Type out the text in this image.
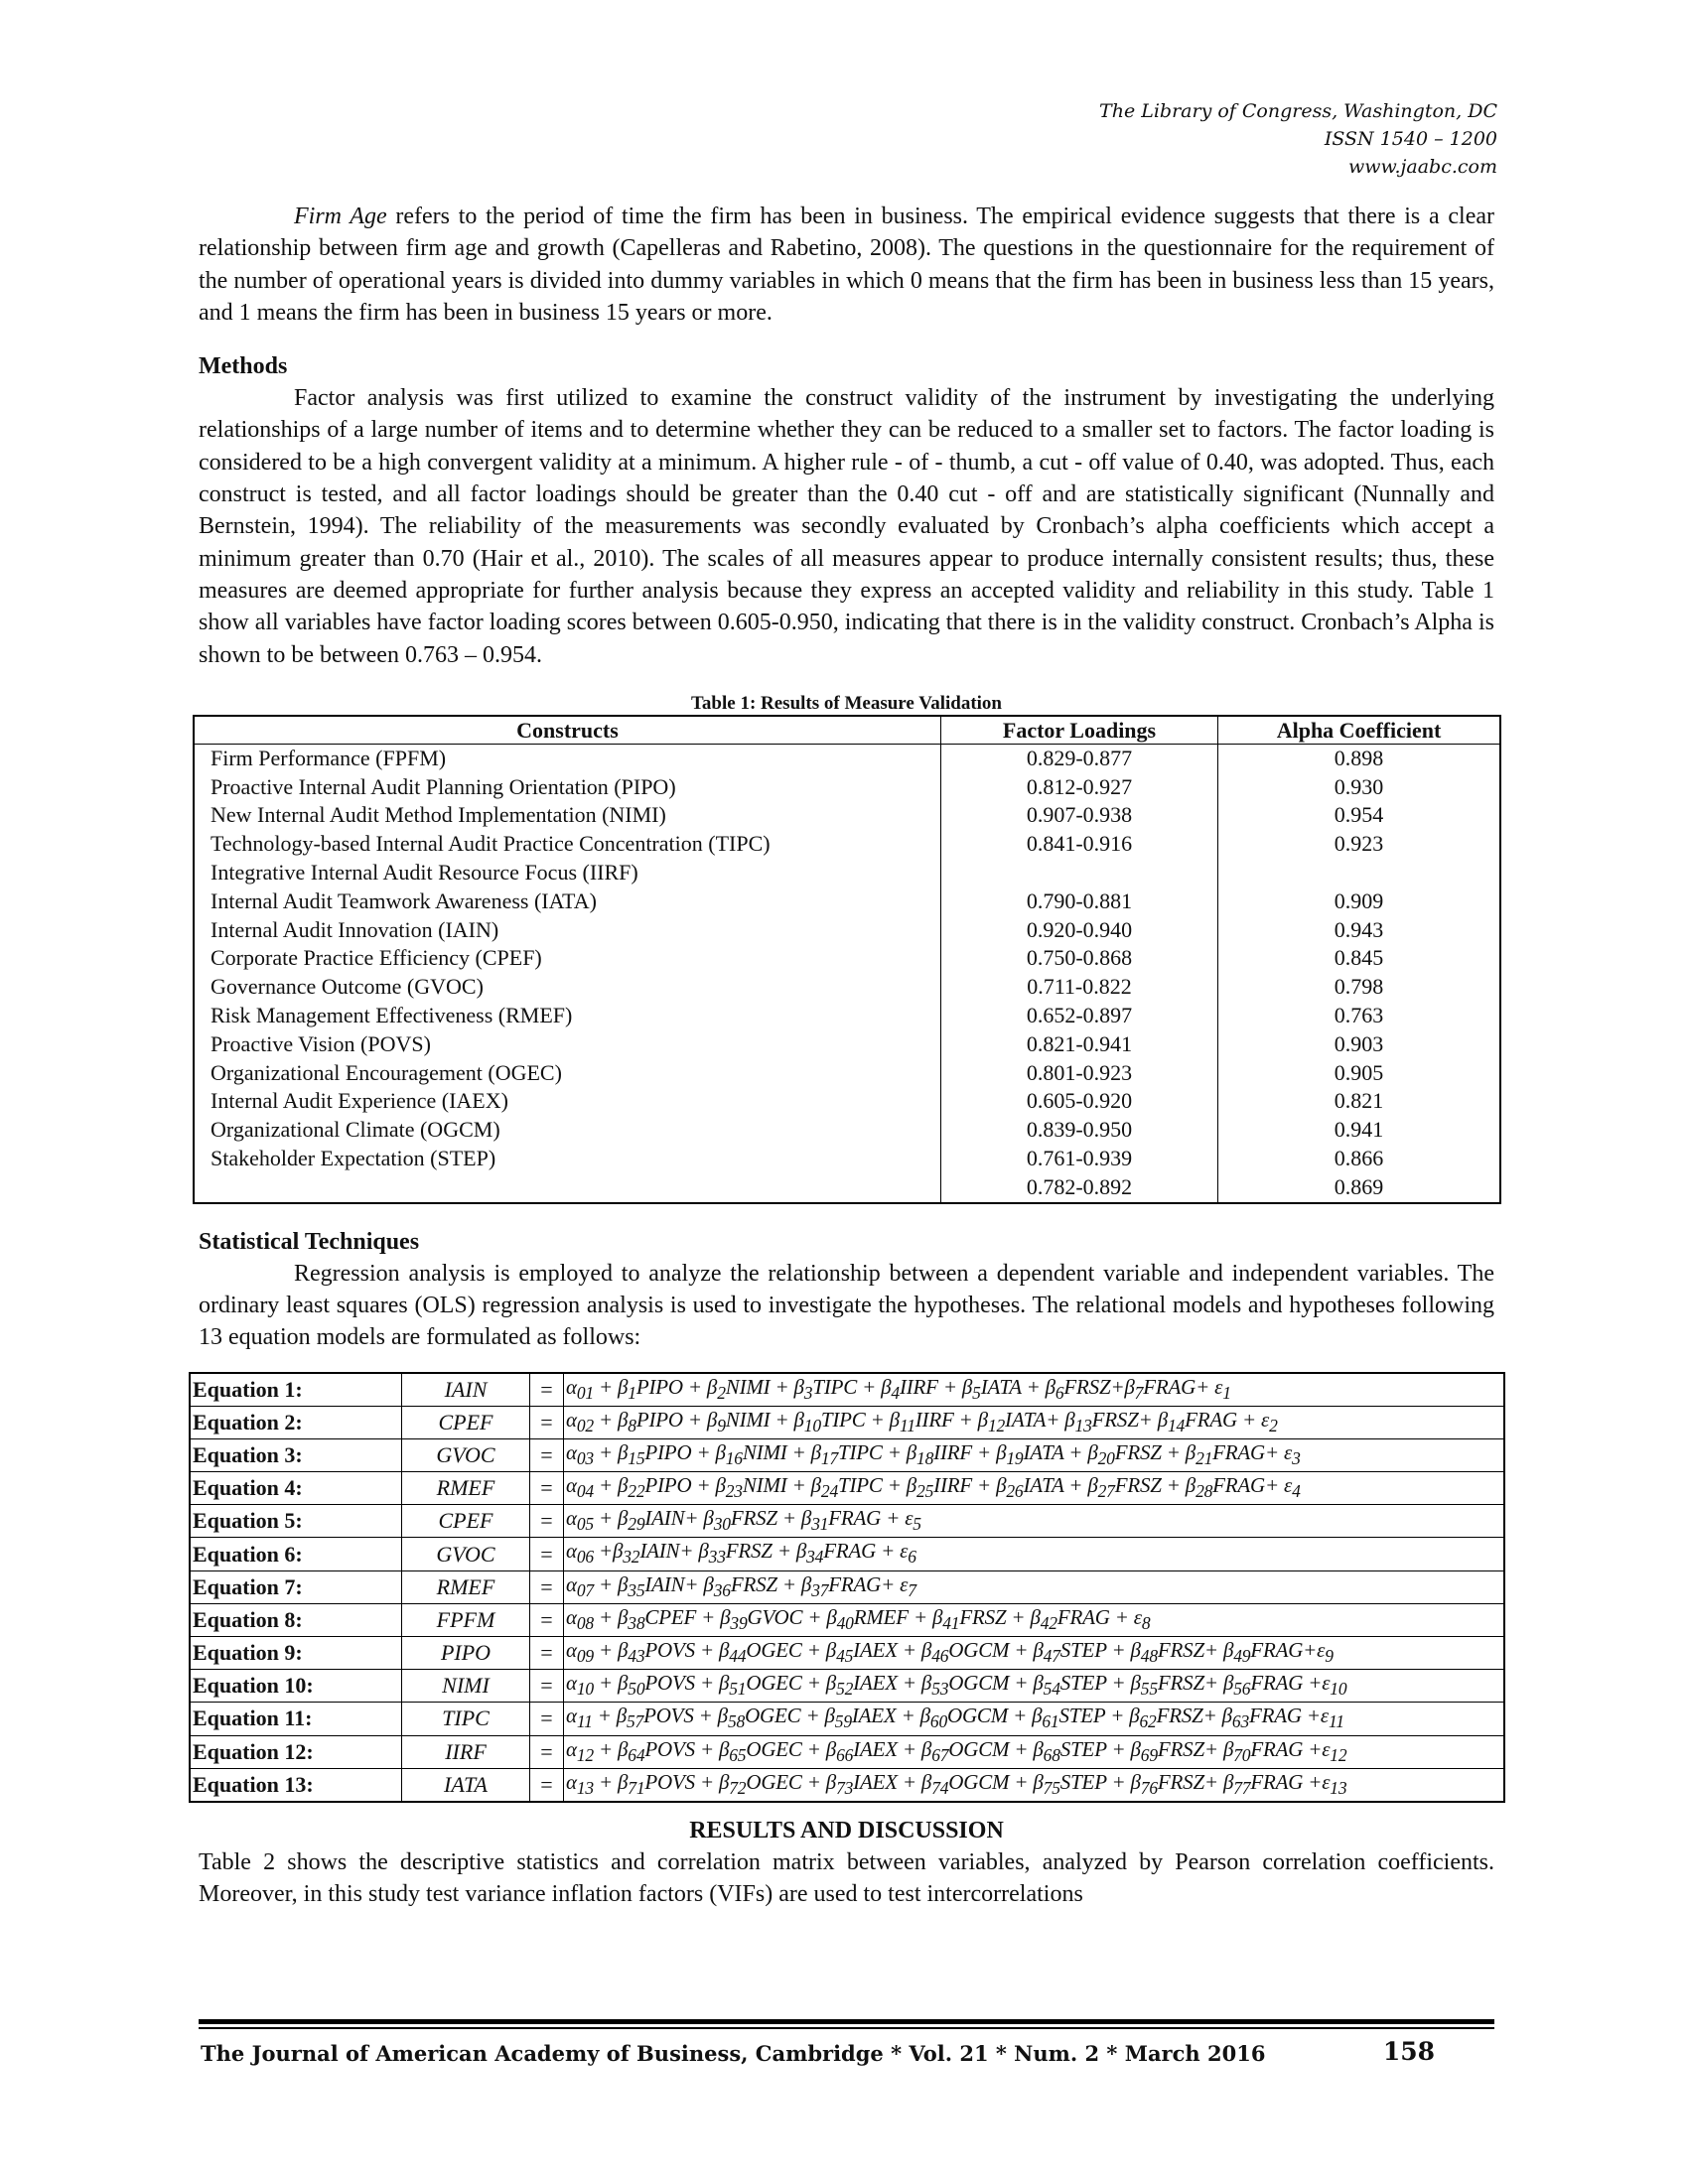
The Library of Congress, Washington, DC
ISSN 1540 – 1200
www.jaabc.com

Firm Age refers to the period of time the firm has been in business. The empirical evidence suggests that there is a clear relationship between firm age and growth (Capelleras and Rabetino, 2008). The questions in the questionnaire for the requirement of the number of operational years is divided into dummy variables in which 0 means that the firm has been in business less than 15 years, and 1 means the firm has been in business 15 years or more.

Methods

Factor analysis was first utilized to examine the construct validity of the instrument by investigating the underlying relationships of a large number of items and to determine whether they can be reduced to a smaller set to factors. The factor loading is considered to be a high convergent validity at a minimum. A higher rule - of - thumb, a cut - off value of 0.40, was adopted. Thus, each construct is tested, and all factor loadings should be greater than the 0.40 cut - off and are statistically significant (Nunnally and Bernstein, 1994). The reliability of the measurements was secondly evaluated by Cronbach’s alpha coefficients which accept a minimum greater than 0.70 (Hair et al., 2010). The scales of all measures appear to produce internally consistent results; thus, these measures are deemed appropriate for further analysis because they express an accepted validity and reliability in this study. Table 1 show all variables have factor loading scores between 0.605-0.950, indicating that there is in the validity construct. Cronbach’s Alpha is shown to be between 0.763 – 0.954.

Table 1: Results of Measure Validation
Constructs	Factor Loadings	Alpha Coefficient
Firm Performance (FPFM)	0.829-0.877	0.898
Proactive Internal Audit Planning Orientation (PIPO)	0.812-0.927	0.930
New Internal Audit Method Implementation (NIMI)	0.907-0.938	0.954
Technology-based Internal Audit Practice Concentration (TIPC)	0.841-0.916	0.923
Integrative Internal Audit Resource Focus (IIRF)		
Internal Audit Teamwork Awareness (IATA)	0.790-0.881	0.909
Internal Audit Innovation (IAIN)	0.920-0.940	0.943
Corporate Practice Efficiency (CPEF)	0.750-0.868	0.845
Governance Outcome (GVOC)	0.711-0.822	0.798
Risk Management Effectiveness (RMEF)	0.652-0.897	0.763
Proactive Vision (POVS)	0.821-0.941	0.903
Organizational Encouragement (OGEC)	0.801-0.923	0.905
Internal Audit Experience (IAEX)	0.605-0.920	0.821
Organizational Climate (OGCM)	0.839-0.950	0.941
Stakeholder Expectation (STEP)	0.761-0.939	0.866
	0.782-0.892	0.869
Statistical Techniques

Regression analysis is employed to analyze the relationship between a dependent variable and independent variables. The ordinary least squares (OLS) regression analysis is used to investigate the hypotheses. The relational models and hypotheses following 13 equation models are formulated as follows:

Equation 1:	IAIN	=	$\alpha_{01}$ + $\beta_1PIPO$ + $\beta_2NIMI$ + $\beta_3TIPC$ + $\beta_4IIRF$ + $\beta_5IATA$ + $\beta_6FRSZ+\beta_7FRAG+ \varepsilon_1$
Equation 2:	CPEF	=	$\alpha_{02}$ + $\beta_8PIPO$ + $\beta_9NIMI$ + $\beta_{10}TIPC$ + $\beta_{11}IIRF$ + $\beta_{12}IATA+$ $\beta_{13}FRSZ+$ $\beta_{14}FRAG + \varepsilon_2$
Equation 3:	GVOC	=	$\alpha_{03}$ + $\beta_{15}PIPO$ + $\beta_{16}NIMI$ + $\beta_{17}TIPC$ + $\beta_{18}IIRF$ + $\beta_{19}IATA$ + $\beta_{20}FRSZ$ + $\beta_{21}FRAG+ \varepsilon_3$
Equation 4:	RMEF	=	$\alpha_{04}$ + $\beta_{22}PIPO$ + $\beta_{23}NIMI$ + $\beta_{24}TIPC$ + $\beta_{25}IIRF$ + $\beta_{26}IATA$ + $\beta_{27}FRSZ$ + $\beta_{28}FRAG+ \varepsilon_4$
Equation 5:	CPEF	=	$\alpha_{05}$ + $\beta_{29}IAIN+$ $\beta_{30}FRSZ$ + $\beta_{31}FRAG + \varepsilon_5$
Equation 6:	GVOC	=	$\alpha_{06}$ $+\beta_{32}IAIN+$ $\beta_{33}FRSZ$ + $\beta_{34}FRAG + \varepsilon_6$
Equation 7:	RMEF	=	$\alpha_{07}$ + $\beta_{35}IAIN+$ $\beta_{36}FRSZ$ + $\beta_{37}FRAG+ \varepsilon_7$
Equation 8:	FPFM	=	$\alpha_{08}$ + $\beta_{38}CPEF$ + $\beta_{39}GVOC$ + $\beta_{40}RMEF$ + $\beta_{41}FRSZ$ + $\beta_{42}FRAG + \varepsilon_8$
Equation 9:	PIPO	=	$\alpha_{09}$ + $\beta_{43}POVS$ + $\beta_{44}OGEC$ + $\beta_{45}IAEX$ + $\beta_{46}OGCM$ + $\beta_{47}STEP$ + $\beta_{48}FRSZ+$ $\beta_{49}FRAG+\varepsilon_9$
Equation 10:	NIMI	=	$\alpha_{10}$ + $\beta_{50}POVS$ + $\beta_{51}OGEC$ + $\beta_{52}IAEX$ + $\beta_{53}OGCM$ + $\beta_{54}STEP$ + $\beta_{55}FRSZ+$ $\beta_{56}FRAG +\varepsilon_{10}$
Equation 11:	TIPC	=	$\alpha_{11}$ + $\beta_{57}POVS$ + $\beta_{58}OGEC$ + $\beta_{59}IAEX$ + $\beta_{60}OGCM$ + $\beta_{61}STEP$ + $\beta_{62}FRSZ+$ $\beta_{63}FRAG +\varepsilon_{11}$
Equation 12:	IIRF	=	$\alpha_{12}$ + $\beta_{64}POVS$ + $\beta_{65}OGEC$ + $\beta_{66}IAEX$ + $\beta_{67}OGCM$ + $\beta_{68}STEP$ + $\beta_{69}FRSZ+$ $\beta_{70}FRAG +\varepsilon_{12}$
Equation 13:	IATA	=	$\alpha_{13}$ + $\beta_{71}POVS$ + $\beta_{72}OGEC$ + $\beta_{73}IAEX$ + $\beta_{74}OGCM$ + $\beta_{75}STEP$ + $\beta_{76}FRSZ+$ $\beta_{77}FRAG +\varepsilon_{13}$
RESULTS AND DISCUSSION

Table 2 shows the descriptive statistics and correlation matrix between variables, analyzed by Pearson correlation coefficients. Moreover, in this study test variance inflation factors (VIFs) are used to test intercorrelations

The Journal of American Academy of Business, Cambridge * Vol. 21 * Num. 2 * March 2016	158
